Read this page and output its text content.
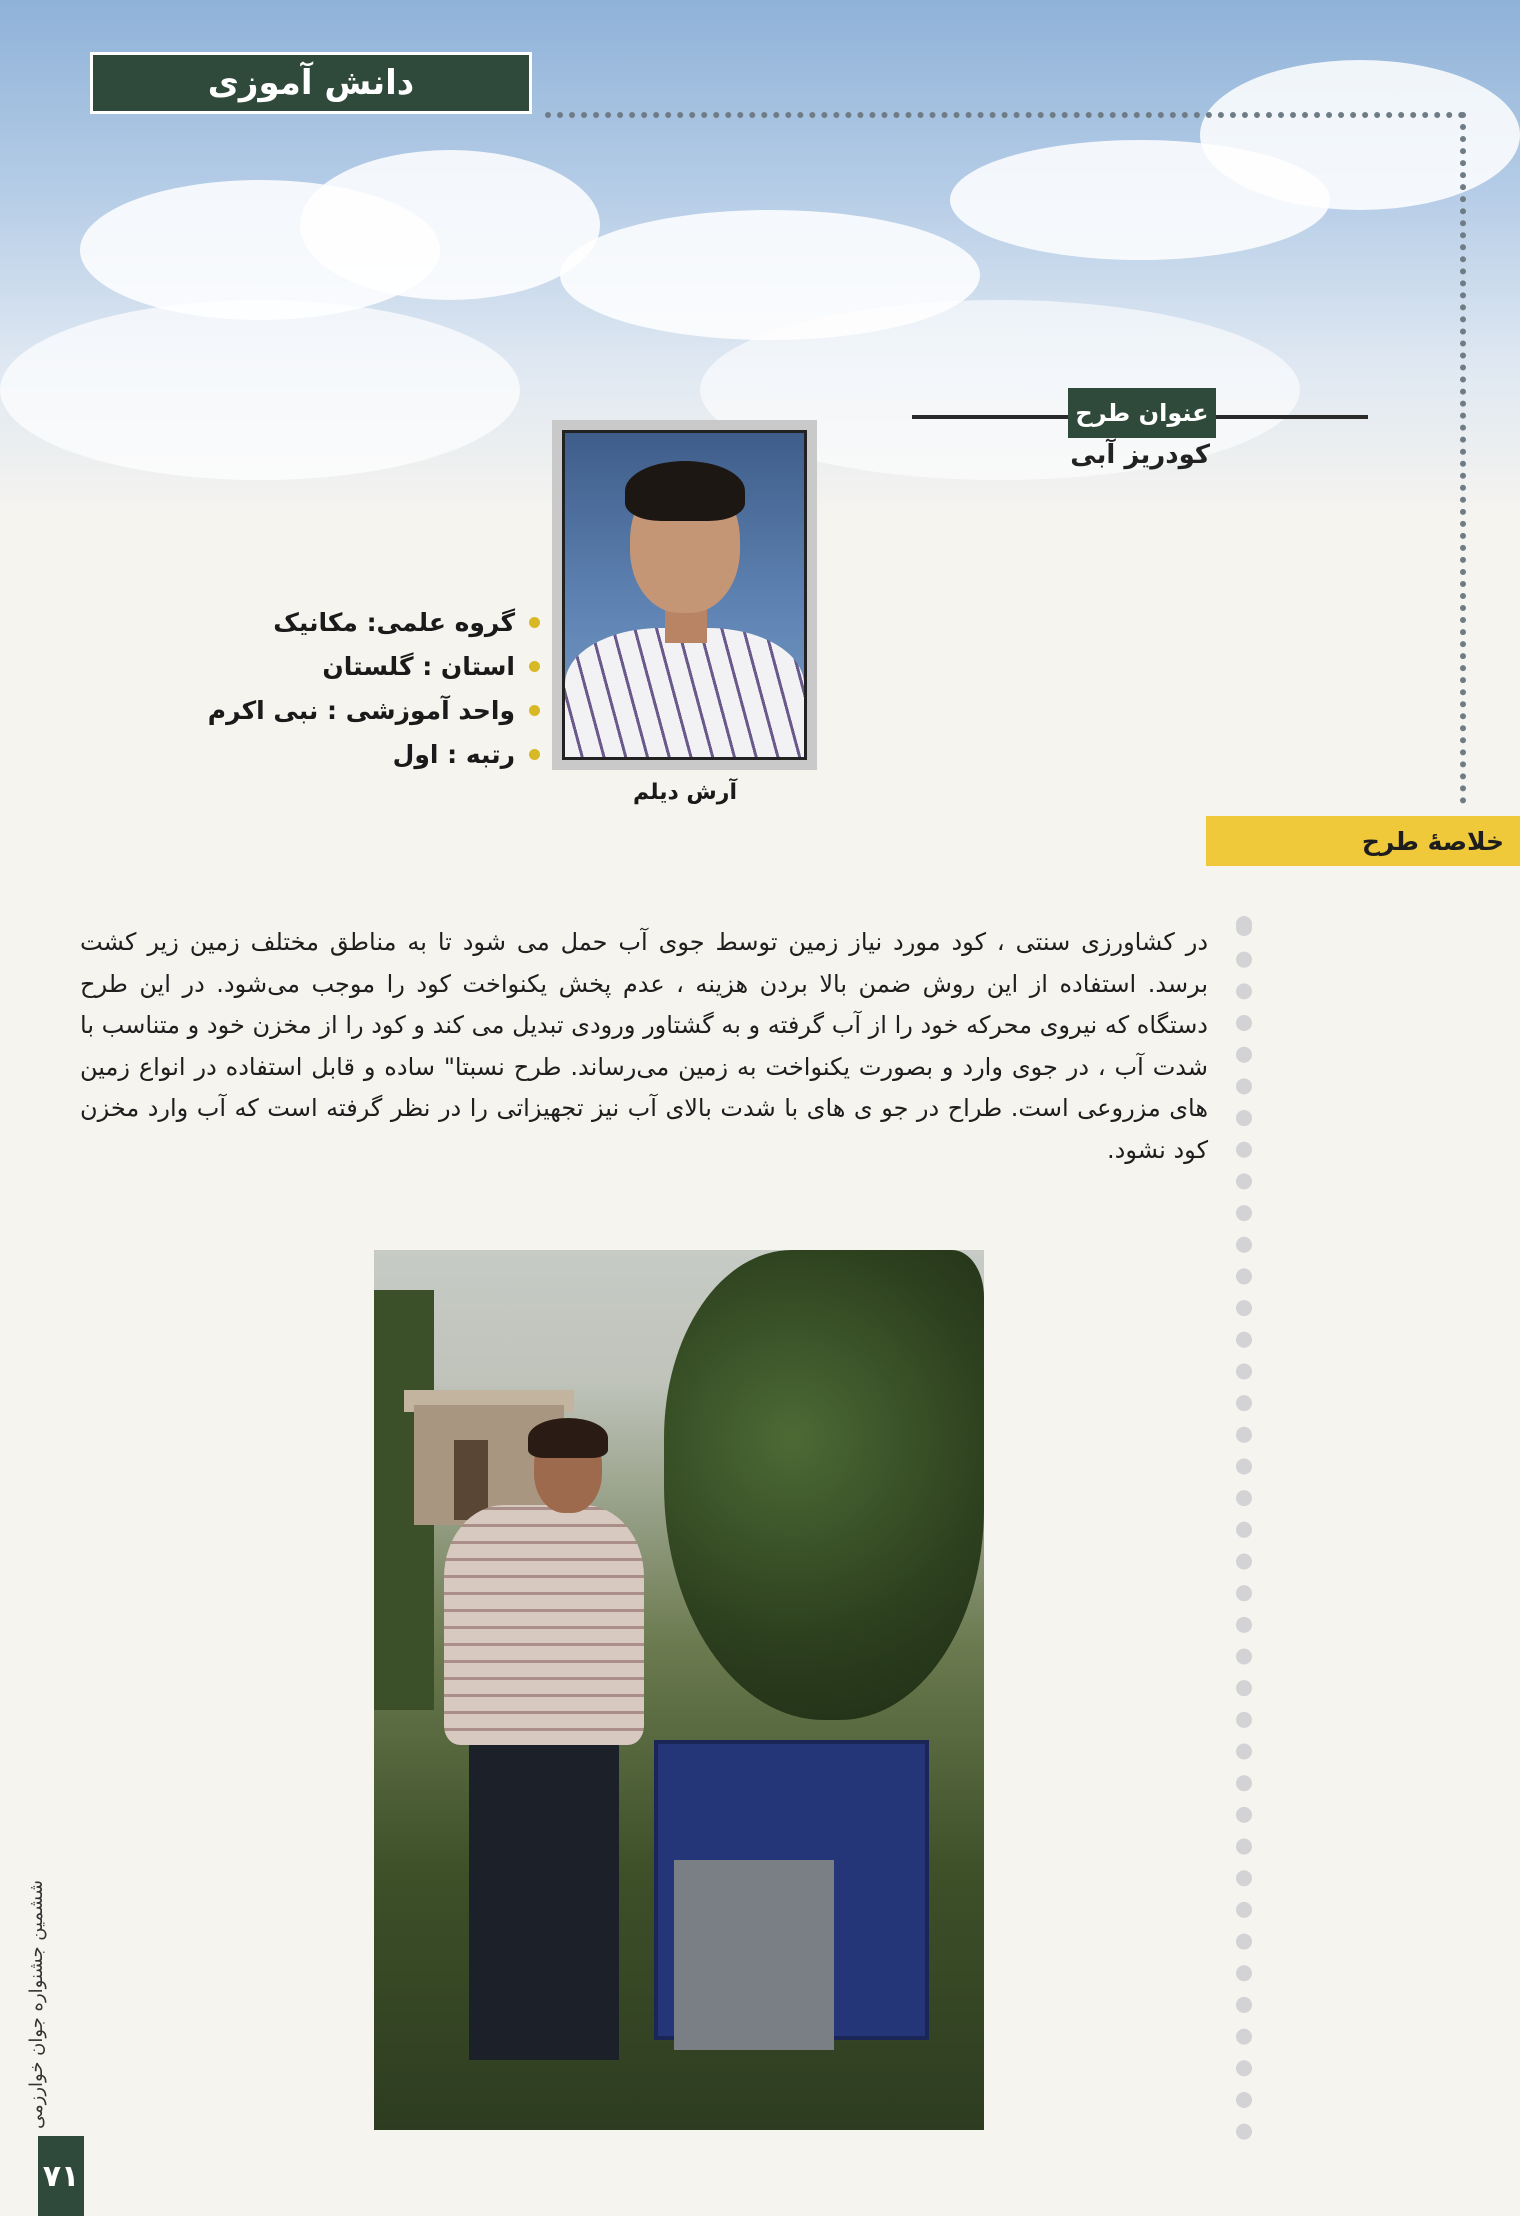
دانش آموزی
عنوان طرح
کودریز آبی
آرش دیلم
گروه علمی: مکانیک
استان : گلستان
واحد آموزشی : نبی اکرم
رتبه : اول
خلاصهٔ طرح

در کشاورزی سنتی ، کود مورد نیاز زمین توسط جوی آب حمل می شود تا به مناطق مختلف زمین زیر کشت برسد. استفاده از این روش ضمن بالا بردن هزینه ، عدم پخش یکنواخت کود را موجب می‌شود. در این طرح دستگاه که نیروی محرکه خود را از آب گرفته و به گشتاور ورودی تبدیل می کند و کود را از مخزن خود و متناسب با شدت آب ، در جوی وارد و بصورت یکنواخت به زمین می‌رساند. طرح نسبتا" ساده و قابل استفاده در انواع زمین های مزروعی است. طراح در جو ی های با شدت بالای آب نیز تجهیزاتی را در نظر گرفته است که آب وارد مخزن کود نشود.

ششمین جشنواره جوان خوارزمی
۷۱
